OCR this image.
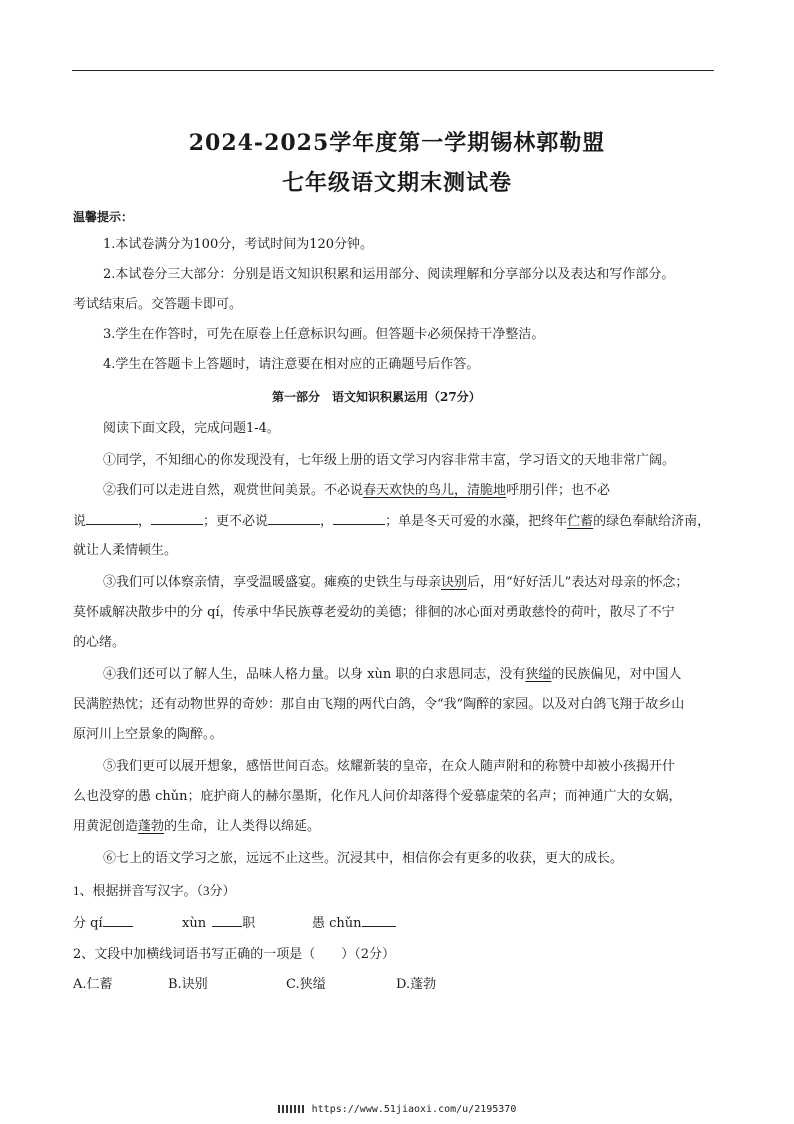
2024-2025学年度第一学期锡林郭勒盟
七年级语文期末测试卷
温馨提示：
1.本试卷满分为100分，考试时间为120分钟。
2.本试卷分三大部分：分别是语文知识积累和运用部分、阅读理解和分享部分以及表达和写作部分。
考试结束后。交答题卡即可。
3.学生在作答时，可先在原卷上任意标识勾画。但答题卡必须保持干净整洁。
4.学生在答题卡上答题时，请注意要在相对应的正确题号后作答。
第一部分　语文知识积累运用（27分）
阅读下面文段，完成问题1-4。
①同学，不知细心的你发现没有，七年级上册的语文学习内容非常丰富，学习语文的天地非常广阔。
②我们可以走进自然，观赏世间美景。不必说春天欢快的鸟儿，清脆地呼朋引伴；也不必
说	，	；更不必说	，	；单是冬天可爱的水藻，把终年伫蓄的绿色奉献给济南，
就让人柔情顿生。
③我们可以体察亲情，享受温暖盛宴。瘫痪的史铁生与母亲诀别后，用“好好活儿”表达对母亲的怀念；
莫怀戚解决散步中的分 qí，传承中华民族尊老爱幼的美德；徘徊的冰心面对勇敢慈怜的荷叶，散尽了不宁
的心绪。
④我们还可以了解人生，品味人格力量。以身 xùn 职的白求恩同志，没有狭缢的民族偏见，对中国人
民满腔热忱；还有动物世界的奇妙：那自由飞翔的两代白鸽，令“我”陶醉的家园。以及对白鸽飞翔于故乡山
原河川上空景象的陶醉。。
⑤我们更可以展开想象，感悟世间百态。炫耀新装的皇帝，在众人随声附和的称赞中却被小孩揭开什
么也没穿的愚 chǔn；庇护商人的赫尔墨斯，化作凡人问价却落得个爱慕虚荣的名声；而神通广大的女娲，
用黄泥创造蓬勃的生命，让人类得以绵延。
⑥七上的语文学习之旅，远远不止这些。沉浸其中，相信你会有更多的收获，更大的成长。
1、根据拼音写汉字。（3分）
分 qí	xùn	职	愚 chǔn
2、文段中加横线词语书写正确的一项是（　　）（2分）
A.仁蓄	B.诀别	C.狭缢	D.蓬勃
https://www.51jiaoxi.com/u/2195370
